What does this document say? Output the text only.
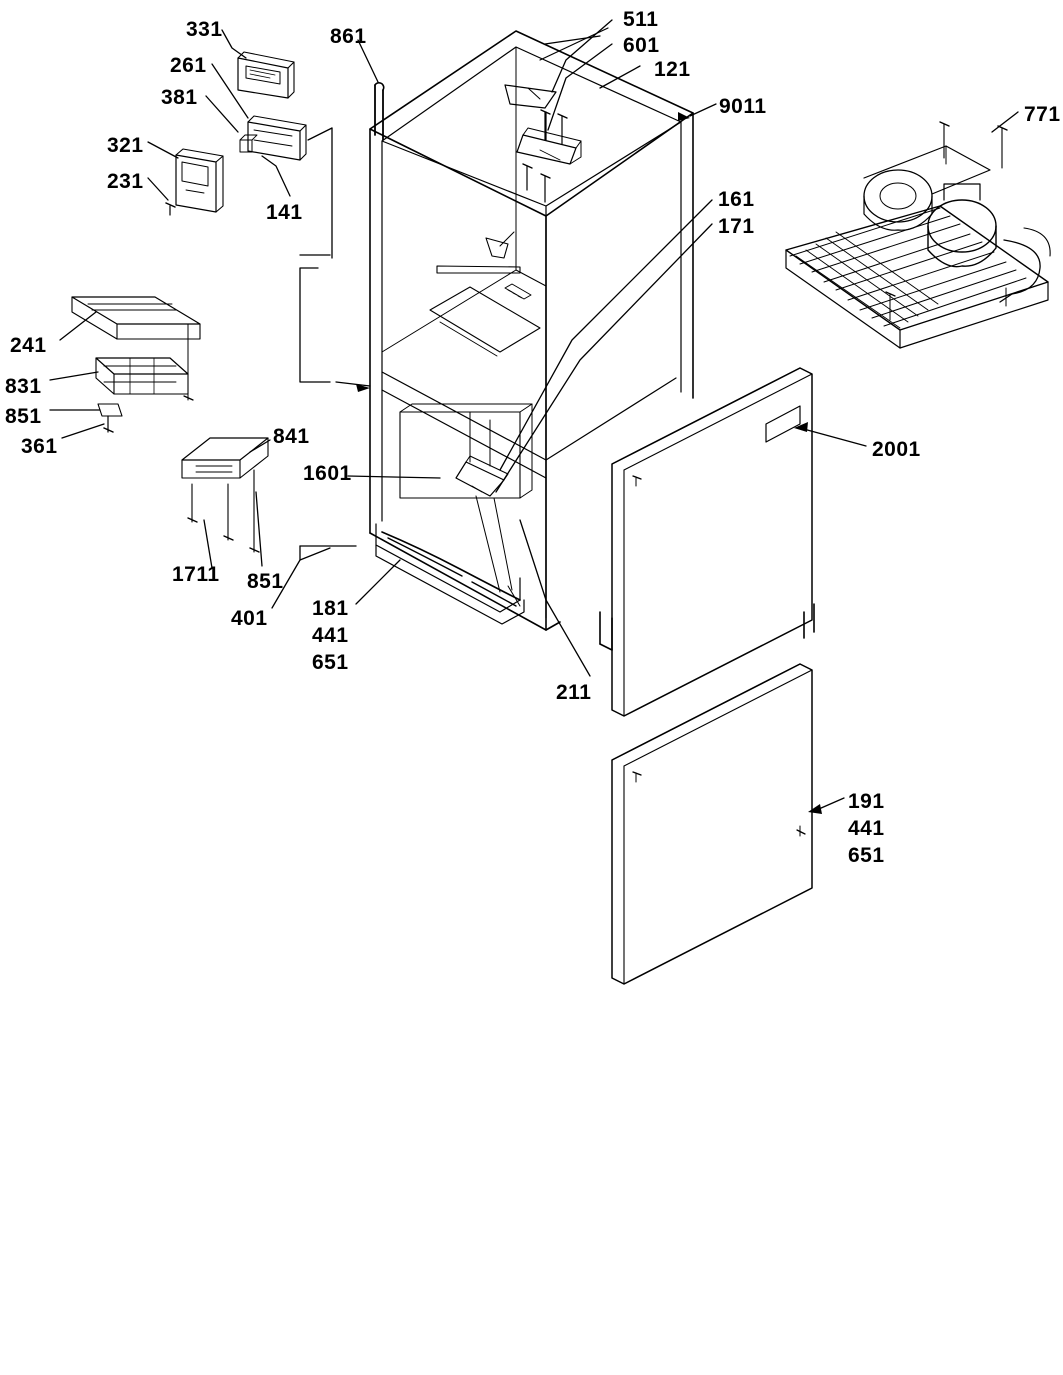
331	861
511
601
121
261
381	9011	771
321
231
161
171
141
241
831
851
361	841
2001
1601
1711 851
401 181
441
651
211
191
441
651
